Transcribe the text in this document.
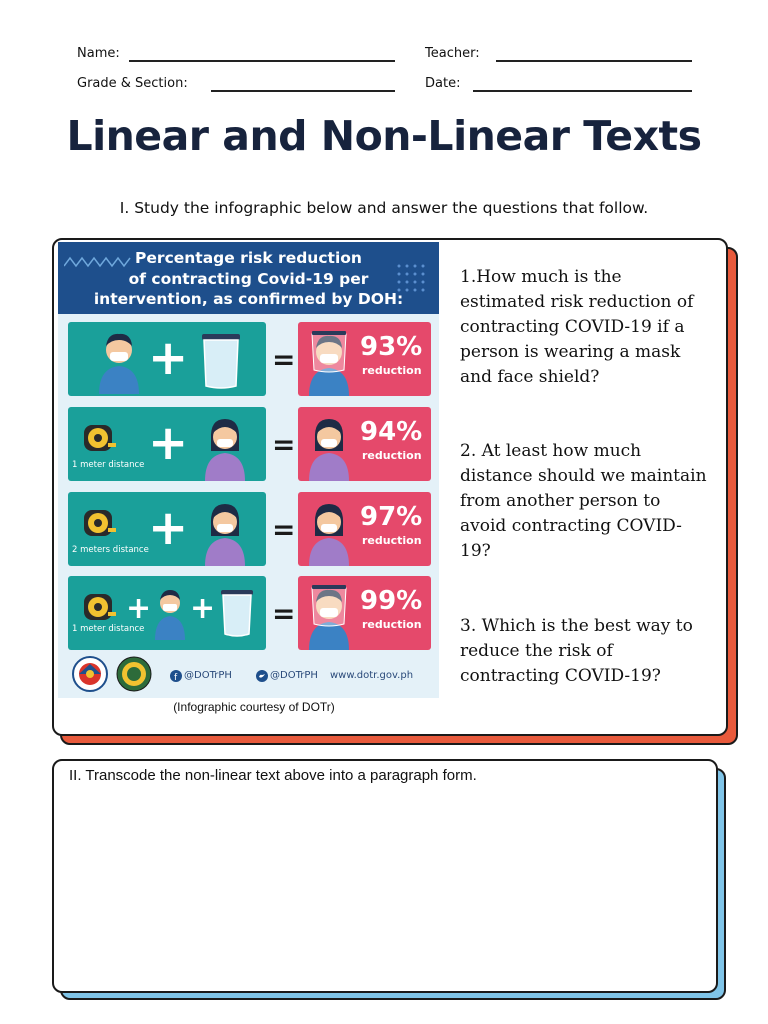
Name:	Teacher:
Grade & Section:	Date:
Linear and Non-Linear Texts
I. Study the infographic below and answer the questions that follow.
Percentage risk reduction
of contracting Covid-19 per
intervention, as confirmed by DOH:
+	= 93%
reduction
1 meter distance +	= 94%
reduction
2 meters distance +	= 97%
reduction
1 meter distance
+ + = 99%
reduction
f @DOTrPH	@DOTrPH www.dotr.gov.ph
(Infographic courtesy of DOTr)
1.How much is the estimated risk reduction of contracting COVID-19 if a person is wearing a mask and face shield?
2. At least how much distance should we maintain from another person to avoid contracting COVID-19?
3. Which is the best way to reduce the risk of contracting COVID-19?
II. Transcode the non-linear text above into a paragraph form.
